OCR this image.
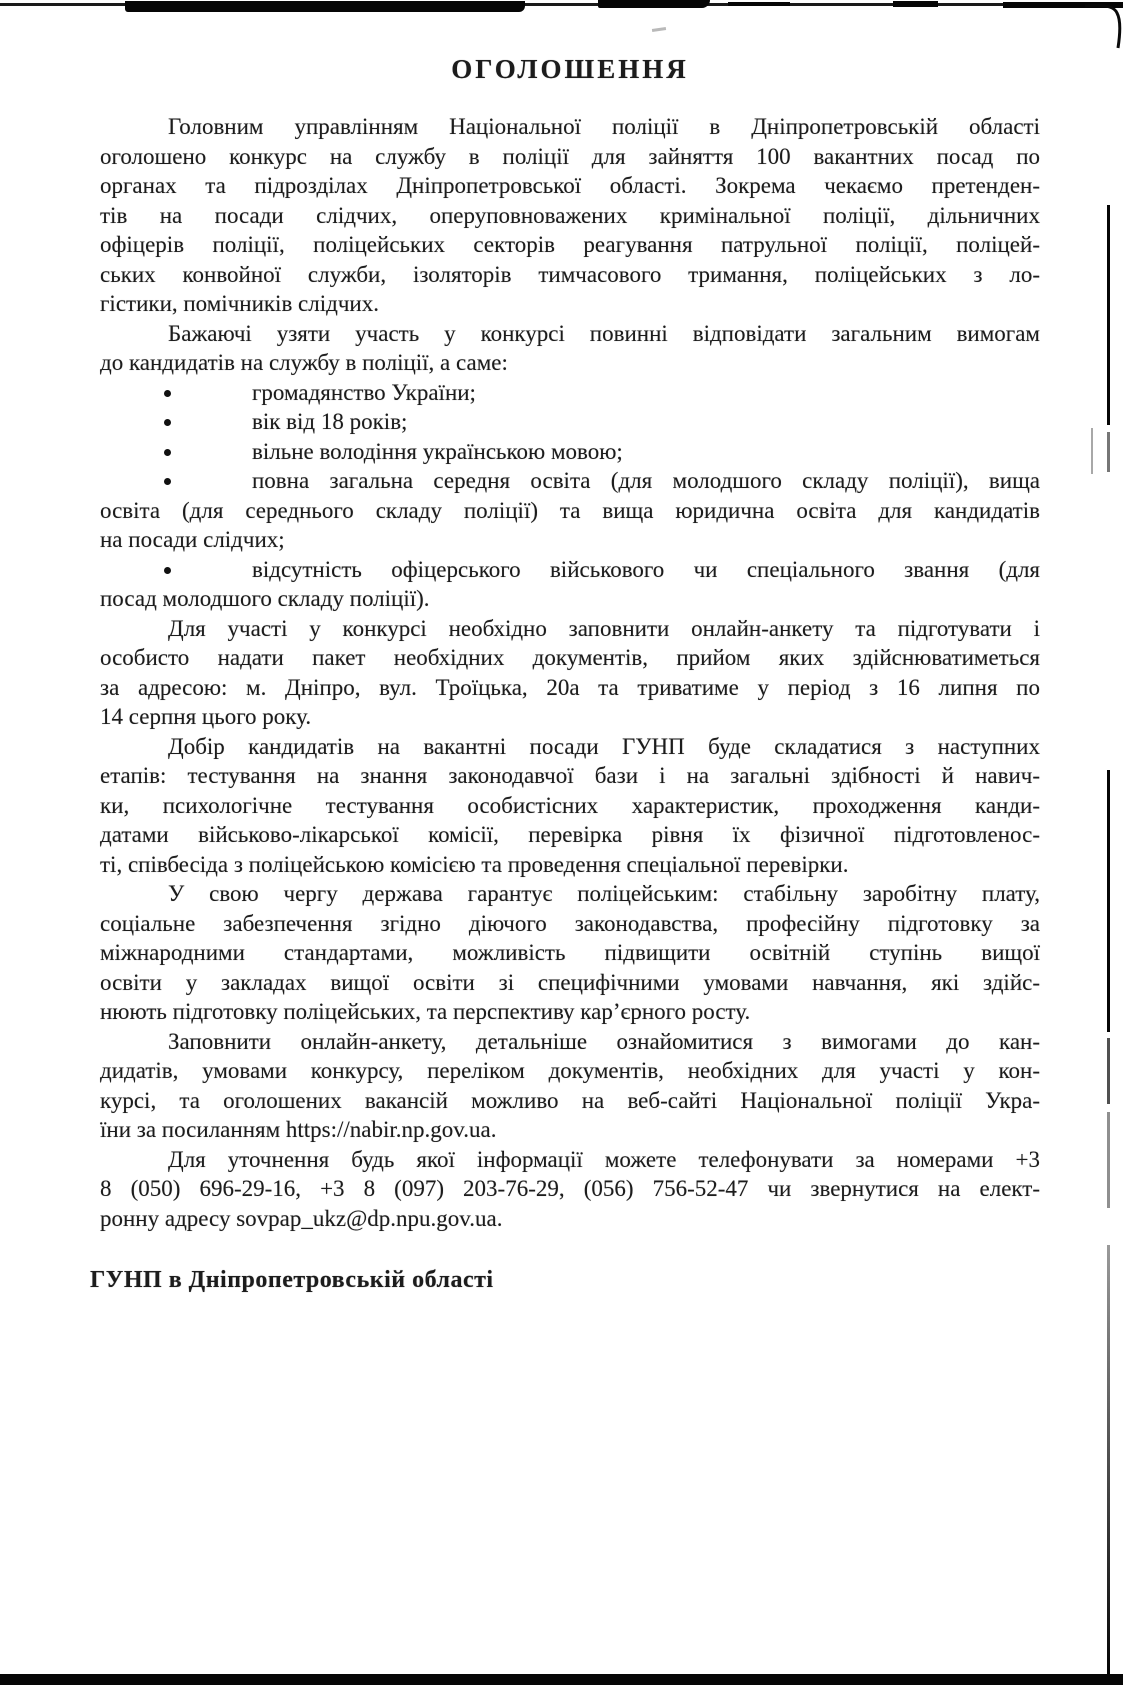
ОГОЛОШЕННЯ
Головним управлінням Національної поліції в Дніпропетровській області
оголошено конкурс на службу в поліції для зайняття 100 вакантних посад по
органах та підрозділах Дніпропетровської області. Зокрема чекаємо претенден-
тів на посади слідчих, оперуповноважених кримінальної поліції, дільничних
офіцерів поліції, поліцейських секторів реагування патрульної поліції, поліцей-
ських конвойної служби, ізоляторів тимчасового тримання, поліцейських з ло-
гістики, помічників слідчих.
Бажаючі узяти участь у конкурсі повинні відповідати загальним вимогам
до кандидатів на службу в поліції, а саме:
громадянство України;
вік від 18 років;
вільне володіння українською мовою;
повна загальна середня освіта (для молодшого складу поліції), вища
освіта (для середнього складу поліції) та вища юридична освіта для кандидатів
на посади слідчих;
відсутність офіцерського військового чи спеціального звання (для
посад молодшого складу поліції).
Для участі у конкурсі необхідно заповнити онлайн-анкету та підготувати і
особисто надати пакет необхідних документів, прийом яких здійснюватиметься
за адресою: м. Дніпро, вул. Троїцька, 20а та триватиме у період з 16 липня по
14 серпня цього року.
Добір кандидатів на вакантні посади ГУНП буде складатися з наступних
етапів: тестування на знання законодавчої бази і на загальні здібності й навич-
ки, психологічне тестування особистісних характеристик, проходження канди-
датами військово-лікарської комісії, перевірка рівня їх фізичної підготовленос-
ті, співбесіда з поліцейською комісією та проведення спеціальної перевірки.
У свою чергу держава гарантує поліцейським: стабільну заробітну плату,
соціальне забезпечення згідно діючого законодавства, професійну підготовку за
міжнародними стандартами, можливість підвищити освітній ступінь вищої
освіти у закладах вищої освіти зі специфічними умовами навчання, які здійс-
нюють підготовку поліцейських, та перспективу кар’єрного росту.
Заповнити онлайн-анкету, детальніше ознайомитися з вимогами до кан-
дидатів, умовами конкурсу, переліком документів, необхідних для участі у кон-
курсі, та оголошених вакансій можливо на веб-сайті Національної поліції Укра-
їни за посиланням https://nabir.np.gov.ua.
Для уточнення будь якої інформації можете телефонувати за номерами +3
8 (050) 696-29-16, +3 8 (097) 203-76-29, (056) 756-52-47 чи звернутися на елект-
ронну адресу sovpap_ukz@dp.npu.gov.ua.
ГУНП в Дніпропетровській області
